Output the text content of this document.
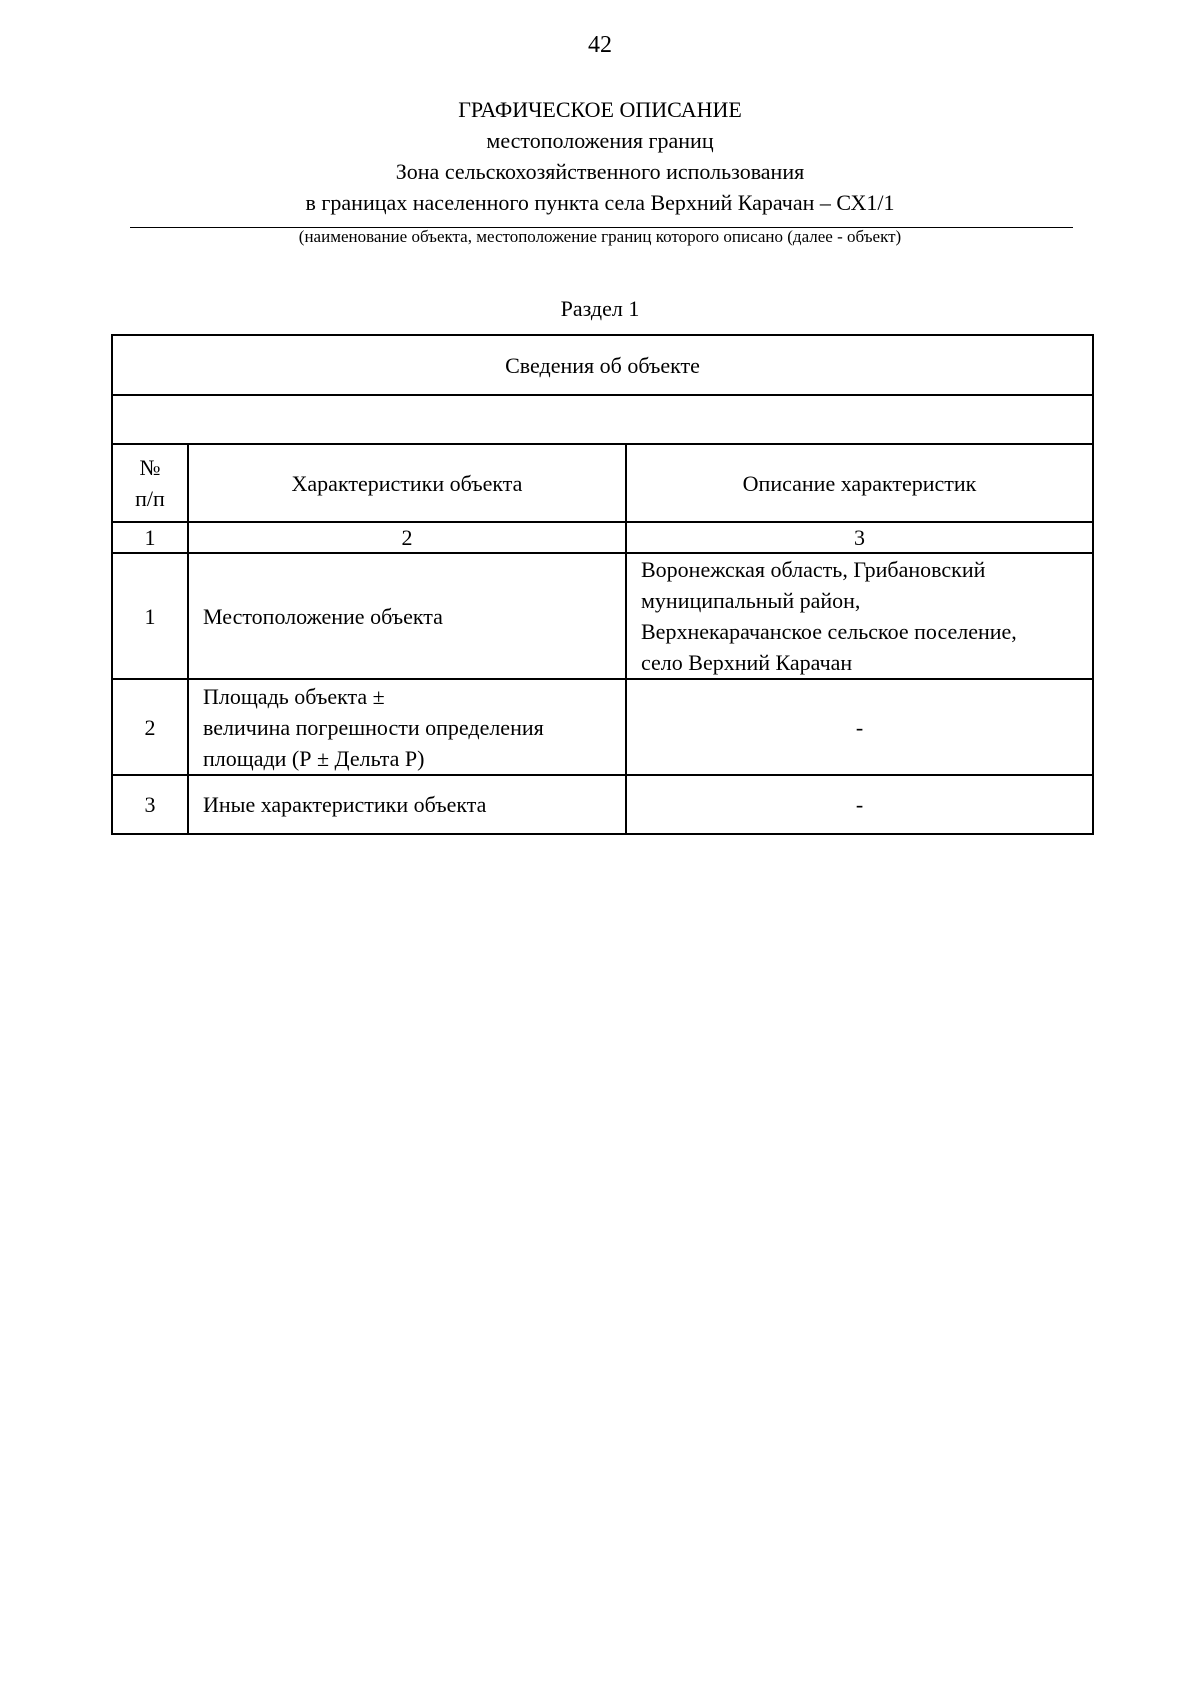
42
ГРАФИЧЕСКОЕ ОПИСАНИЕ
местоположения границ
Зона сельскохозяйственного использования
в границах населенного пункта села Верхний Карачан – СХ1/1
(наименование объекта, местоположение границ которого описано (далее - объект)
Раздел 1
Сведения об объекте		

№
п/п	Характеристики объекта	Описание характеристик
1	2	3
1	Местоположение объекта	Воронежская область, Грибановский
муниципальный район,
Верхнекарачанское сельское поселение,
село Верхний Карачан

2	Площадь объекта ±
величина погрешности определения
площади (Р ± Дельта Р)	-
3	Иные характеристики объекта	-
